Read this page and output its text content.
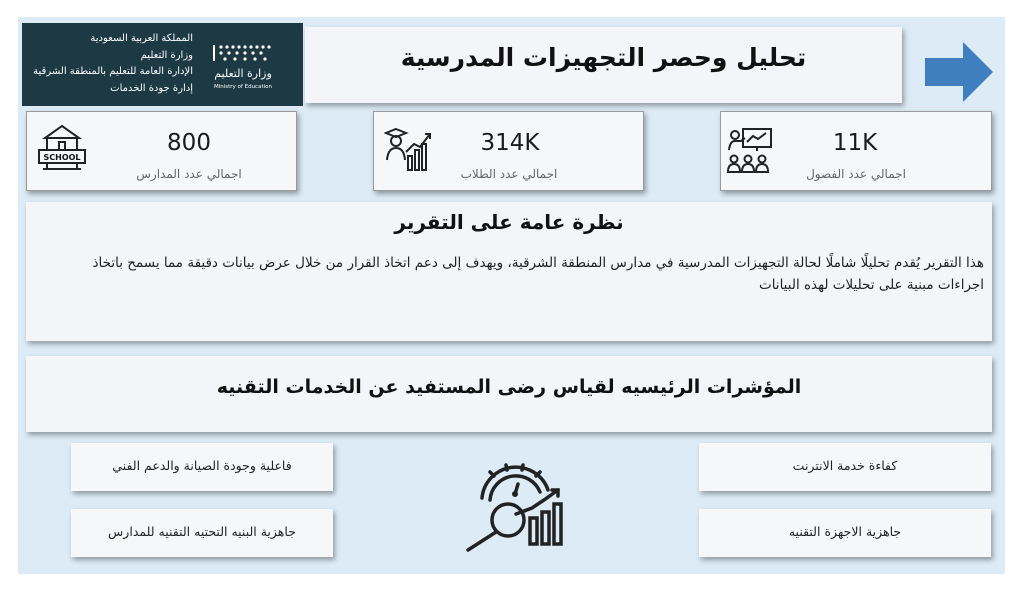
المملكة العربية السعودية
وزارة التعليم
الإدارة العامة للتعليم بالمنطقة الشرقية
إدارة جودة الخدمات
وزارة التعليم
Ministry of Education
تحليل وحصر التجهيزات المدرسية
SCHOOL
800
اجمالي عدد المدارس
314K
اجمالي عدد الطلاب
11K
اجمالي عدد الفصول
نظرة عامة على التقرير
هذا التقرير يُقدم تحليلًا شاملًا لحالة التجهيزات المدرسية في مدارس المنطقة الشرقية، ويهدف إلى دعم اتخاذ القرار من خلال عرض بيانات دقيقة مما يسمح باتخاذ اجراءات مبنية على تحليلات لهذه البيانات
المؤشرات الرئيسيه لقياس رضى المستفيد عن الخدمات التقنيه
فاعلية وجودة الصيانة والدعم الفني
جاهزية البنيه التحتيه التقنيه للمدارس
كفاءة خدمة الانترنت
جاهزية الاجهزة التقنيه
